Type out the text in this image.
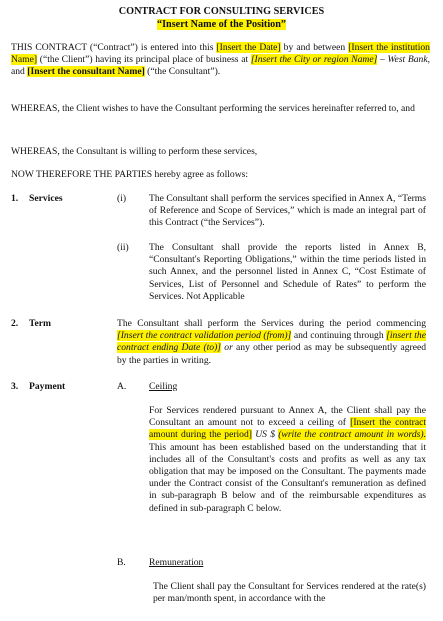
CONTRACT FOR CONSULTING SERVICES
“Insert Name of the Position”
THIS CONTRACT (“Contract”) is entered into this [Insert the Date] by and between [Insert the institution Name] (“the Client”) having its principal place of business at [Insert the City or region Name] – West Bank, and [Insert the consultant Name] (“the Consultant”).
WHEREAS, the Client wishes to have the Consultant performing the services hereinafter referred to, and
WHEREAS, the Consultant is willing to perform these services,
NOW THEREFORE THE PARTIES hereby agree as follows:
1. Services	(i) The Consultant shall perform the services specified in Annex A, “Terms of Reference and Scope of Services,” which is made an integral part of this Contract (“the Services”).
(ii) The Consultant shall provide the reports listed in Annex B, “Consultant's Reporting Obligations,” within the time periods listed in such Annex, and the personnel listed in Annex C, “Cost Estimate of Services, List of Personnel and Schedule of Rates” to perform the Services. Not Applicable
2. Term	The Consultant shall perform the Services during the period commencing [Insert the contract validation period (from)] and continuing through [insert the contract ending Date (to)] or any other period as may be subsequently agreed by the parties in writing.
3. Payment	A. Ceiling
For Services rendered pursuant to Annex A, the Client shall pay the Consultant an amount not to exceed a ceiling of [Insert the contract amount during the period] US $ (write the contract amount in words). This amount has been established based on the understanding that it includes all of the Consultant's costs and profits as well as any tax obligation that may be imposed on the Consultant. The payments made under the Contract consist of the Consultant's remuneration as defined in sub-paragraph B below and of the reimbursable expenditures as defined in sub-paragraph C below.
B. Remuneration
The Client shall pay the Consultant for Services rendered at the rate(s) per man/month spent, in accordance with the
